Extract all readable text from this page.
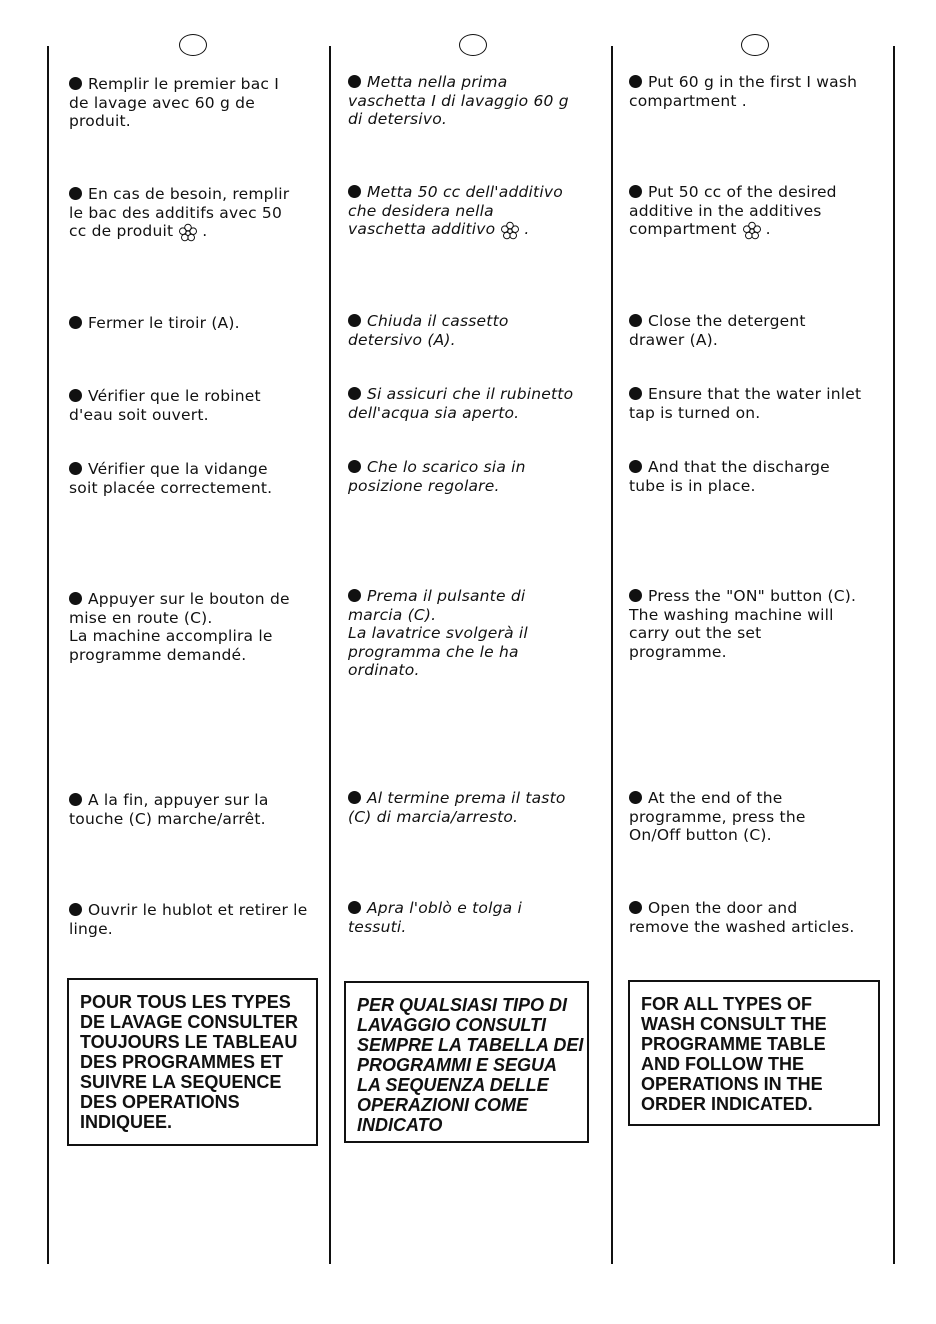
Remplir le premier bac I
de lavage avec 60 g de
produit.
En cas de besoin, remplir
le bac des additifs avec 50
cc de produit .
Fermer le tiroir (A).
Vérifier que le robinet
d'eau soit ouvert.
Vérifier que la vidange
soit placée correctement.
Appuyer sur le bouton de
mise en route (C).
La machine accomplira le
programme demandé.
A la fin, appuyer sur la
touche (C) marche/arrêt.
Ouvrir le hublot et retirer le
linge.
POUR TOUS LES TYPES
DE LAVAGE CONSULTER
TOUJOURS LE TABLEAU
DES PROGRAMMES ET
SUIVRE LA SEQUENCE
DES OPERATIONS
INDIQUEE.
Metta nella prima
vaschetta I di lavaggio 60 g
di detersivo.
Metta 50 cc dell'additivo
che desidera nella
vaschetta additivo .
Chiuda il cassetto
detersivo (A).
Si assicuri che il rubinetto
dell'acqua sia aperto.
Che lo scarico sia in
posizione regolare.
Prema il pulsante di
marcia (C).
La lavatrice svolgerà il
programma che le ha
ordinato.
Al termine prema il tasto
(C) di marcia/arresto.
Apra l'oblò e tolga i
tessuti.
PER QUALSIASI TIPO DI
LAVAGGIO CONSULTI
SEMPRE LA TABELLA DEI
PROGRAMMI E SEGUA
LA SEQUENZA DELLE
OPERAZIONI COME
INDICATO
Put 60 g in the first I wash
compartment .
Put 50 cc of the desired
additive in the additives
compartment .
Close the detergent
drawer (A).
Ensure that the water inlet
tap is turned on.
And that the discharge
tube is in place.
Press the "ON" button (C).
The washing machine will
carry out the set
programme.
At the end of the
programme, press the
On/Off button (C).
Open the door and
remove the washed articles.
FOR ALL TYPES OF
WASH CONSULT THE
PROGRAMME TABLE
AND FOLLOW THE
OPERATIONS IN THE
ORDER INDICATED.
